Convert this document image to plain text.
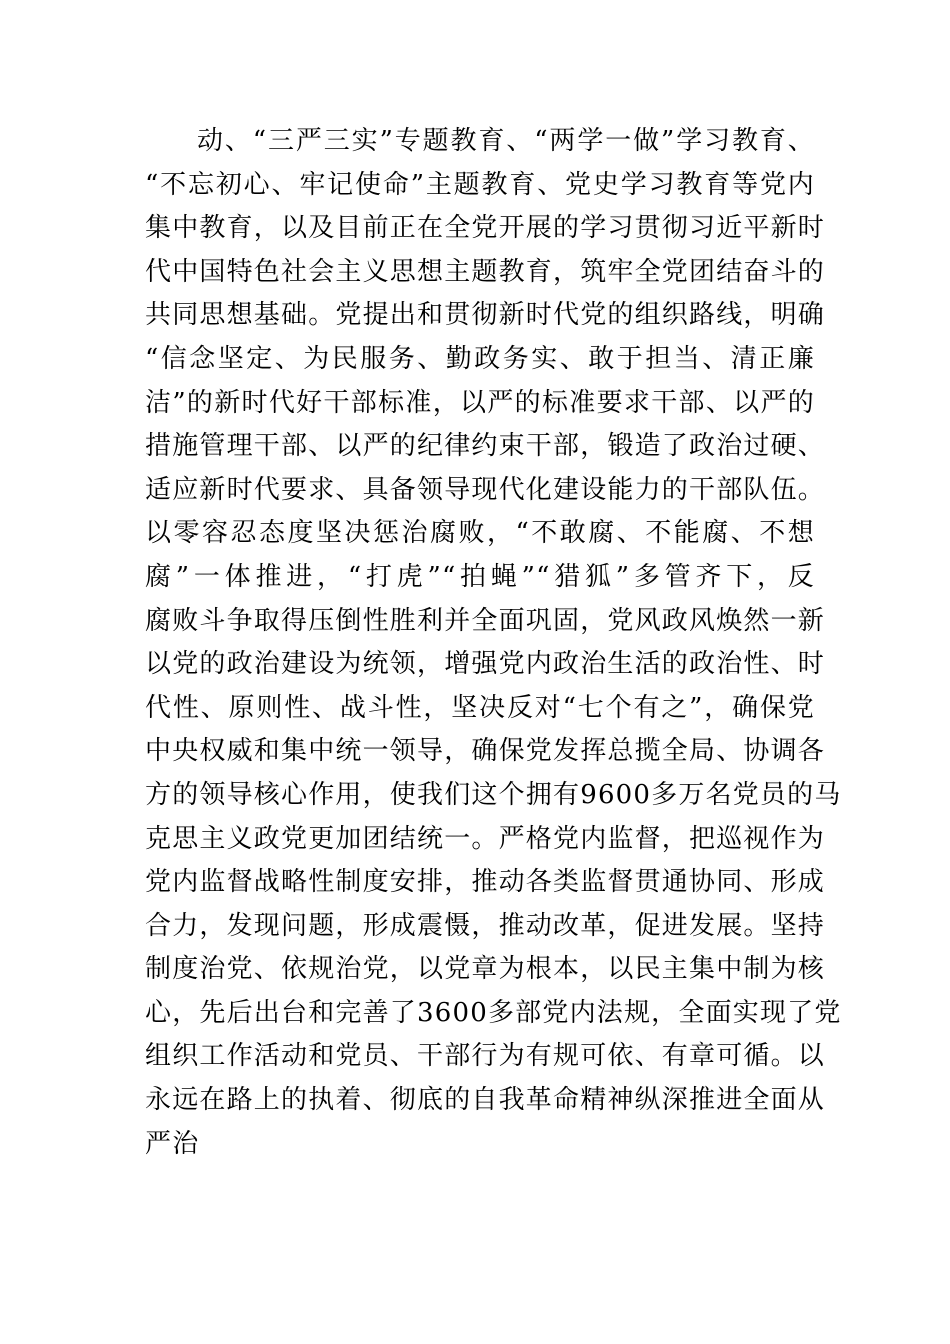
动、“三严三实”专题教育、“两学一做”学习教育、
“不忘初心、牢记使命”主题教育、党史学习教育等党内
集中教育，以及目前正在全党开展的学习贯彻习近平新时
代中国特色社会主义思想主题教育，筑牢全党团结奋斗的
共同思想基础。党提出和贯彻新时代党的组织路线，明确
“信念坚定、为民服务、勤政务实、敢于担当、清正廉
洁”的新时代好干部标准，以严的标准要求干部、以严的
措施管理干部、以严的纪律约束干部，锻造了政治过硬、
适应新时代要求、具备领导现代化建设能力的干部队伍。
以零容忍态度坚决惩治腐败，“不敢腐、不能腐、不想
腐”一体推进，“打虎”“拍蝇”“猎狐”多管齐下，反
腐败斗争取得压倒性胜利并全面巩固，党风政风焕然一新
以党的政治建设为统领，增强党内政治生活的政治性、时
代性、原则性、战斗性，坚决反对“七个有之”，确保党
中央权威和集中统一领导，确保党发挥总揽全局、协调各
方的领导核心作用，使我们这个拥有9600多万名党员的马
克思主义政党更加团结统一。严格党内监督，把巡视作为
党内监督战略性制度安排，推动各类监督贯通协同、形成
合力，发现问题，形成震慑，推动改革，促进发展。坚持
制度治党、依规治党，以党章为根本，以民主集中制为核
心，先后出台和完善了3600多部党内法规，全面实现了党
组织工作活动和党员、干部行为有规可依、有章可循。以
永远在路上的执着、彻底的自我革命精神纵深推进全面从
严治
